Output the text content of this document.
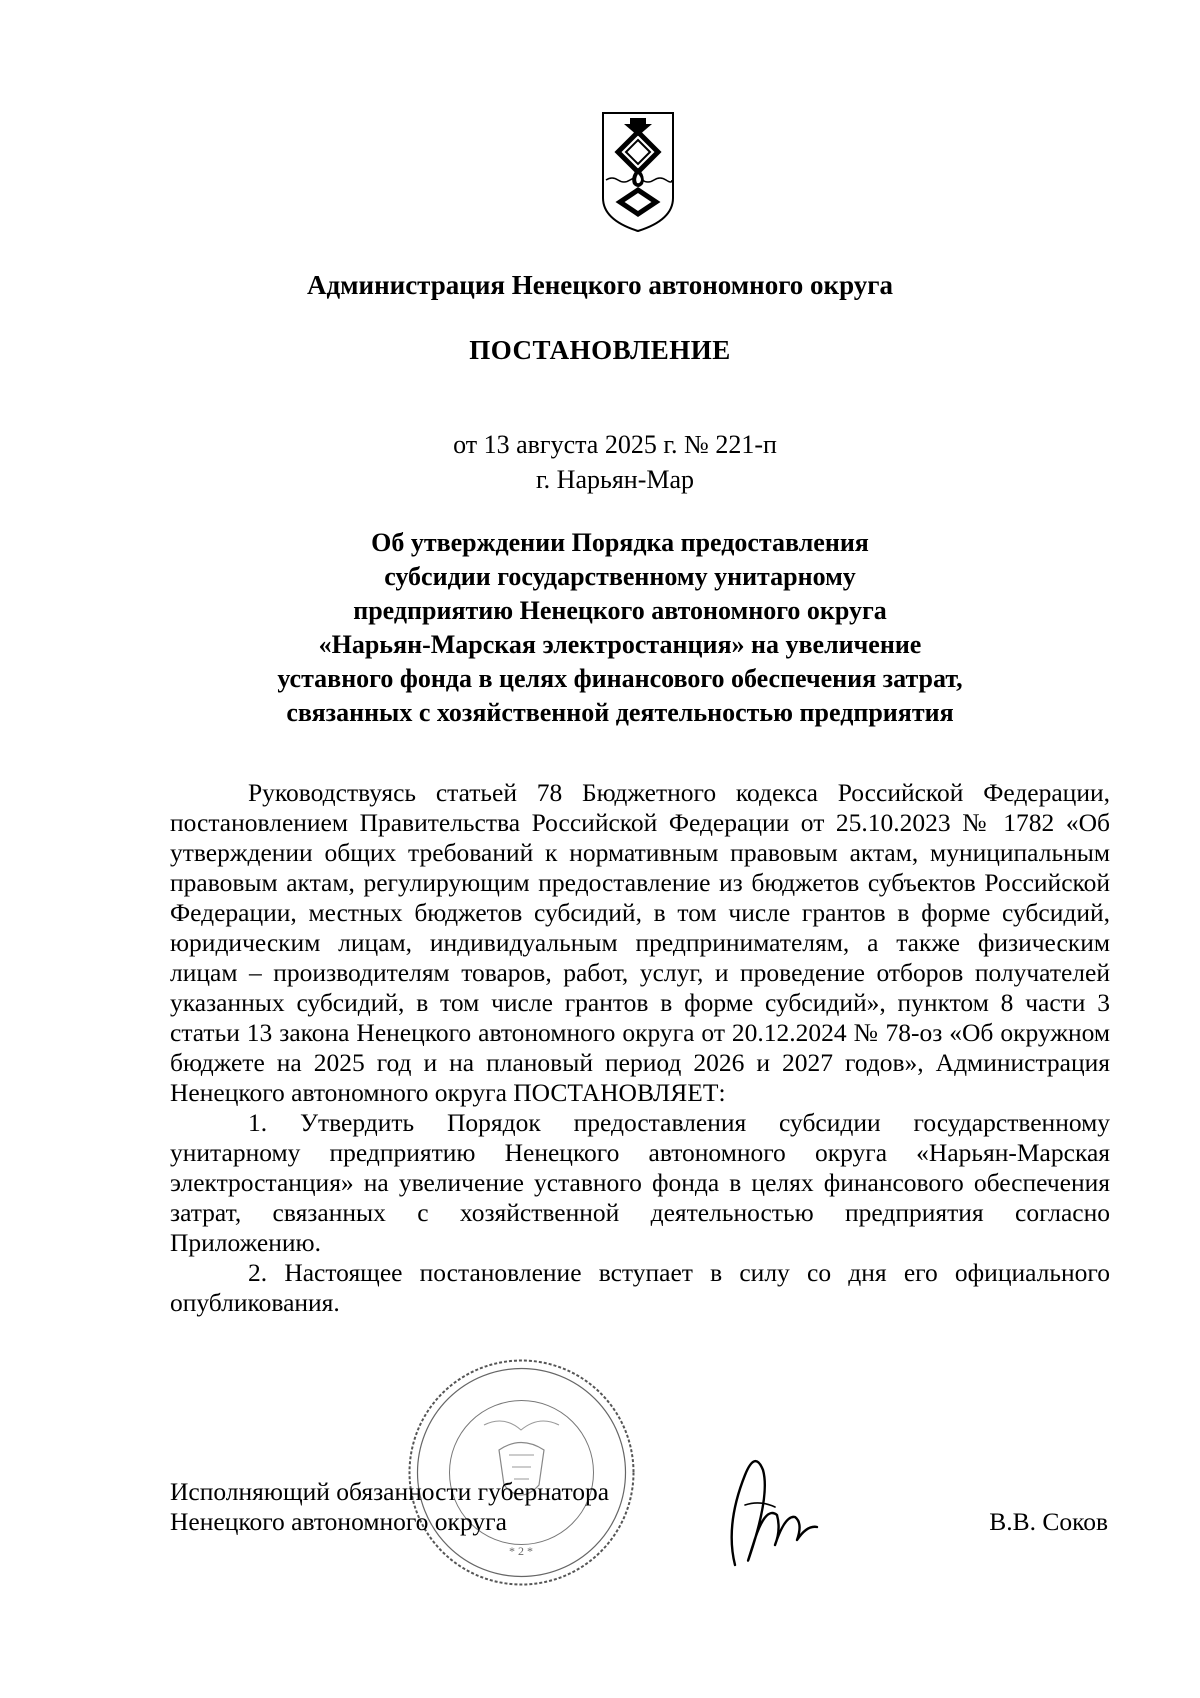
Администрация Ненецкого автономного округа
ПОСТАНОВЛЕНИЕ
от 13 августа 2025 г. № 221-п
г. Нарьян-Мар
Об утверждении Порядка предоставления
субсидии государственному унитарному
предприятию Ненецкого автономного округа
«Нарьян-Марская электростанция» на увеличение
уставного фонда в целях финансового обеспечения затрат,
связанных с хозяйственной деятельностью предприятия

Руководствуясь статьей 78 Бюджетного кодекса Российской Федерации, постановлением Правительства Российской Федерации от 25.10.2023 № 1782 «Об утверждении общих требований к нормативным правовым актам, муниципальным правовым актам, регулирующим предоставление из бюджетов субъектов Российской Федерации, местных бюджетов субсидий, в том числе грантов в форме субсидий, юридическим лицам, индивидуальным предпринимателям, а также физическим лицам – производителям товаров, работ, услуг, и проведение отборов получателей указанных субсидий, в том числе грантов в форме субсидий», пунктом 8 части 3 статьи 13 закона Ненецкого автономного округа от 20.12.2024 № 78-оз «Об окружном бюджете на 2025 год и на плановый период 2026 и 2027 годов», Администрация Ненецкого автономного округа ПОСТАНОВЛЯЕТ:

1. Утвердить Порядок предоставления субсидии государственному унитарному предприятию Ненецкого автономного округа «Нарьян-Марская электростанция» на увеличение уставного фонда в целях финансового обеспечения затрат, связанных с хозяйственной деятельностью предприятия согласно Приложению.

2. Настоящее постановление вступает в силу со дня его официального опубликования.

* 2 *
Исполняющий обязанности губернатора
Ненецкого автономного округа	В.В. Соков
